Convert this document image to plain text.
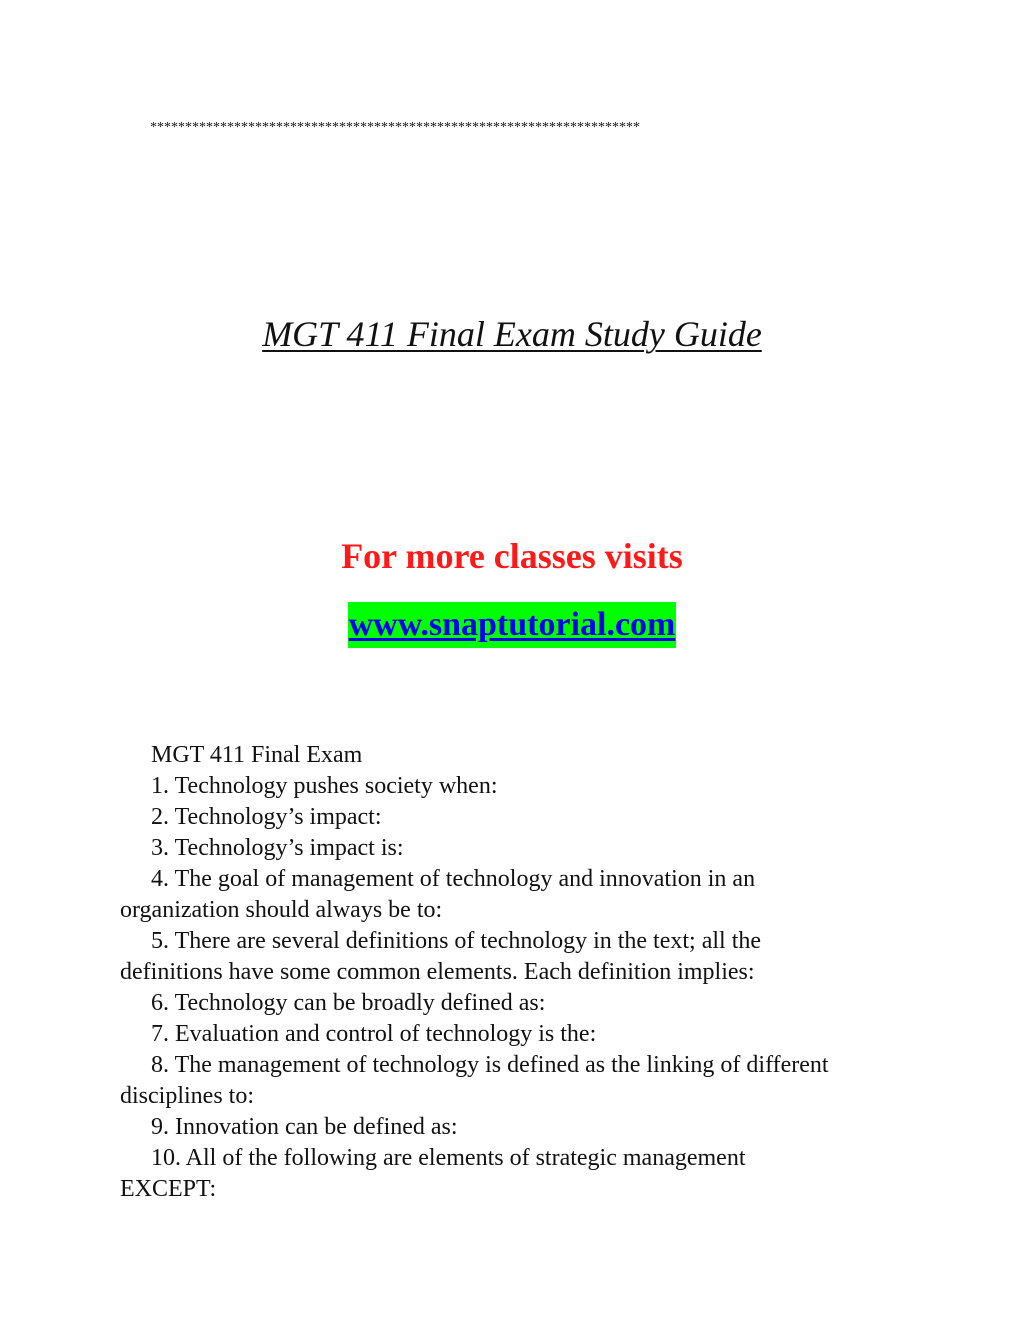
**********************************************************************
MGT 411 Final Exam Study Guide
For more classes visits
www.snaptutorial.com

MGT 411 Final Exam

1. Technology pushes society when:

2. Technology’s impact:

3. Technology’s impact is:

4. The goal of management of technology and innovation in an organization should always be to:

5. There are several definitions of technology in the text; all the definitions have some common elements. Each definition implies:

6. Technology can be broadly defined as:

7. Evaluation and control of technology is the:

8. The management of technology is defined as the linking of different disciplines to:

9. Innovation can be defined as:

10. All of the following are elements of strategic management EXCEPT:
